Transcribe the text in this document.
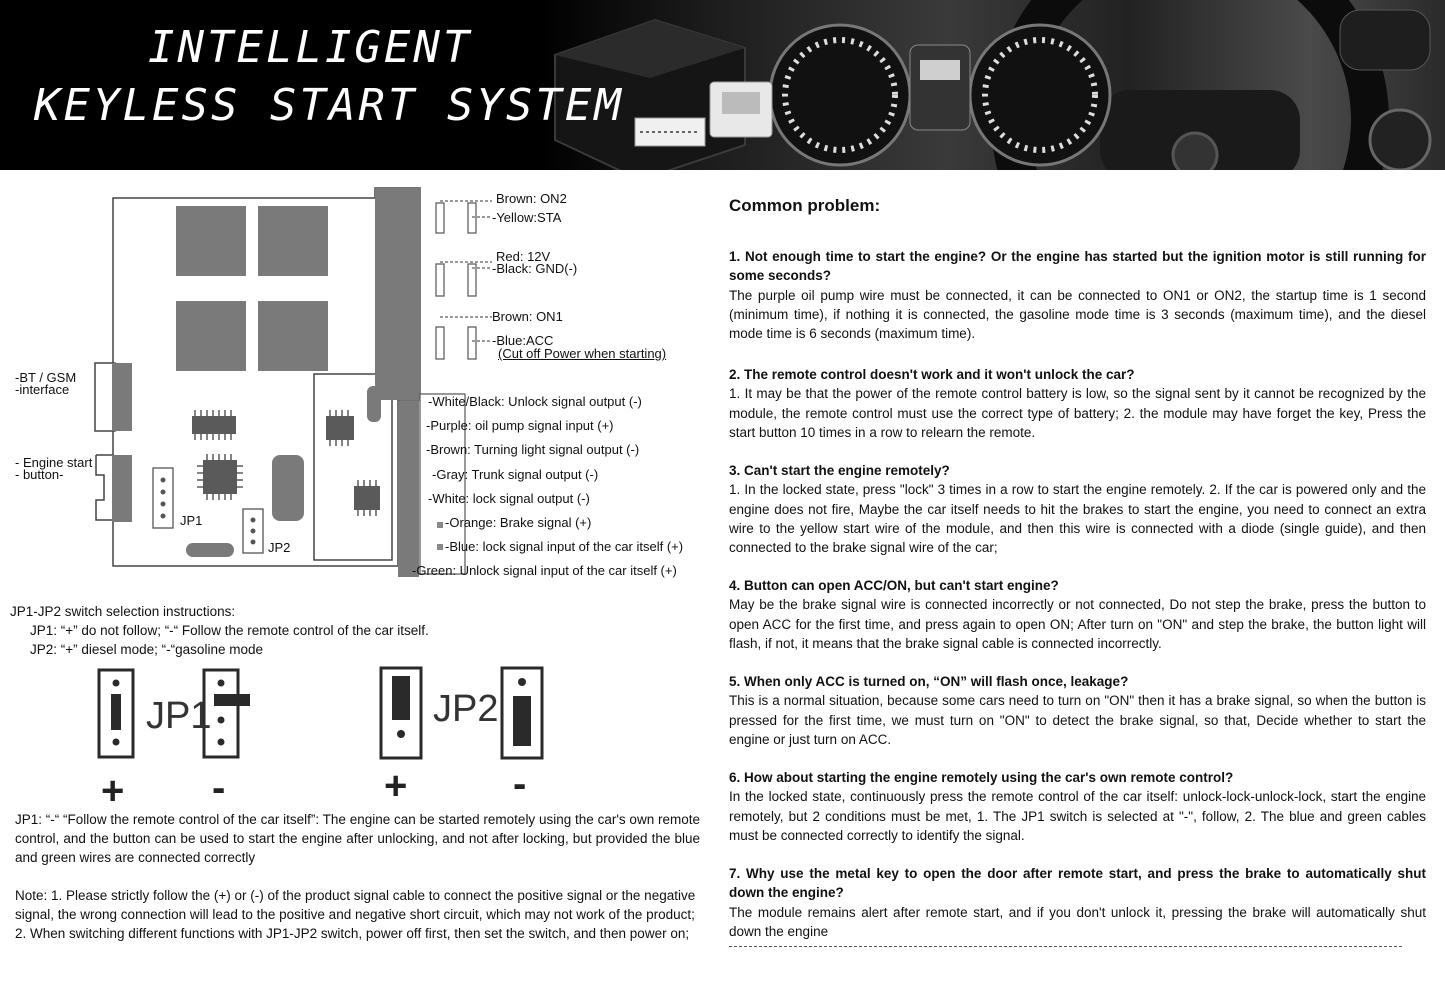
INTELLIGENT
KEYLESS START SYSTEM
Brown: ON2
-Yellow:STA
Red: 12V
-Black: GND(-)
Brown: ON1
-Blue:ACC
(Cut off Power when starting)
-White/Black: Unlock signal output (-)
-Purple: oil pump signal input (+)
-Brown: Turning light signal output (-)
-Gray: Trunk signal output (-)
-White: lock signal output (-)
-Orange: Brake signal (+)
-Blue: lock signal input of the car itself (+)
-Green: Unlock signal input of the car itself (+)
-BT / GSM
-interface
- Engine start
- button-
JP1
JP2
JP1-JP2 switch selection instructions:
JP1: “+” do not follow; “-“ Follow the remote control of the car itself.
JP2: “+” diesel mode; “-“gasoline mode
JP1	JP2
+ -	+	-
JP1: “-“ “Follow the remote control of the car itself”: The engine can be started remotely using the car's own remote control, and the button can be used to start the engine after unlocking, and not after locking, but provided the blue and green wires are connected correctly
Note: 1. Please strictly follow the (+) or (-) of the product signal cable to connect the positive signal or the negative signal, the wrong connection will lead to the positive and negative short circuit, which may not work of the product;
2. When switching different functions with JP1-JP2 switch, power off first, then set the switch, and then power on;
Common problem:
1. Not enough time to start the engine? Or the engine has started but the ignition motor is still running for some seconds?
The purple oil pump wire must be connected, it can be connected to ON1 or ON2, the startup time is 1 second (minimum time), if nothing it is connected, the gasoline mode time is 3 seconds (maximum time), and the diesel mode time is 6 seconds (maximum time).
2. The remote control doesn't work and it won't unlock the car?
1. It may be that the power of the remote control battery is low, so the signal sent by it cannot be recognized by the module, the remote control must use the correct type of battery; 2. the module may have forget the key, Press the start button 10 times in a row to relearn the remote.
3. Can't start the engine remotely?
1. In the locked state, press "lock" 3 times in a row to start the engine remotely. 2. If the car is powered only and the engine does not fire, Maybe the car itself needs to hit the brakes to start the engine, you need to connect an extra wire to the yellow start wire of the module, and then this wire is connected with a diode (single guide), and then connected to the brake signal wire of the car;
4. Button can open ACC/ON, but can't start engine?
May be the brake signal wire is connected incorrectly or not connected, Do not step the brake, press the button to open ACC for the first time, and press again to open ON; After turn on "ON" and step the brake, the button light will flash, if not, it means that the brake signal cable is connected incorrectly.
5. When only ACC is turned on, “ON” will flash once, leakage?
This is a normal situation, because some cars need to turn on "ON" then it has a brake signal, so when the button is pressed for the first time, we must turn on "ON" to detect the brake signal, so that, Decide whether to start the engine or just turn on ACC.
6. How about starting the engine remotely using the car's own remote control?
In the locked state, continuously press the remote control of the car itself: unlock-lock-unlock-lock, start the engine remotely, but 2 conditions must be met, 1. The JP1 switch is selected at "-", follow, 2. The blue and green cables must be connected correctly to identify the signal.
7. Why use the metal key to open the door after remote start, and press the brake to automatically shut down the engine?
The module remains alert after remote start, and if you don't unlock it, pressing the brake will automatically shut down the engine
